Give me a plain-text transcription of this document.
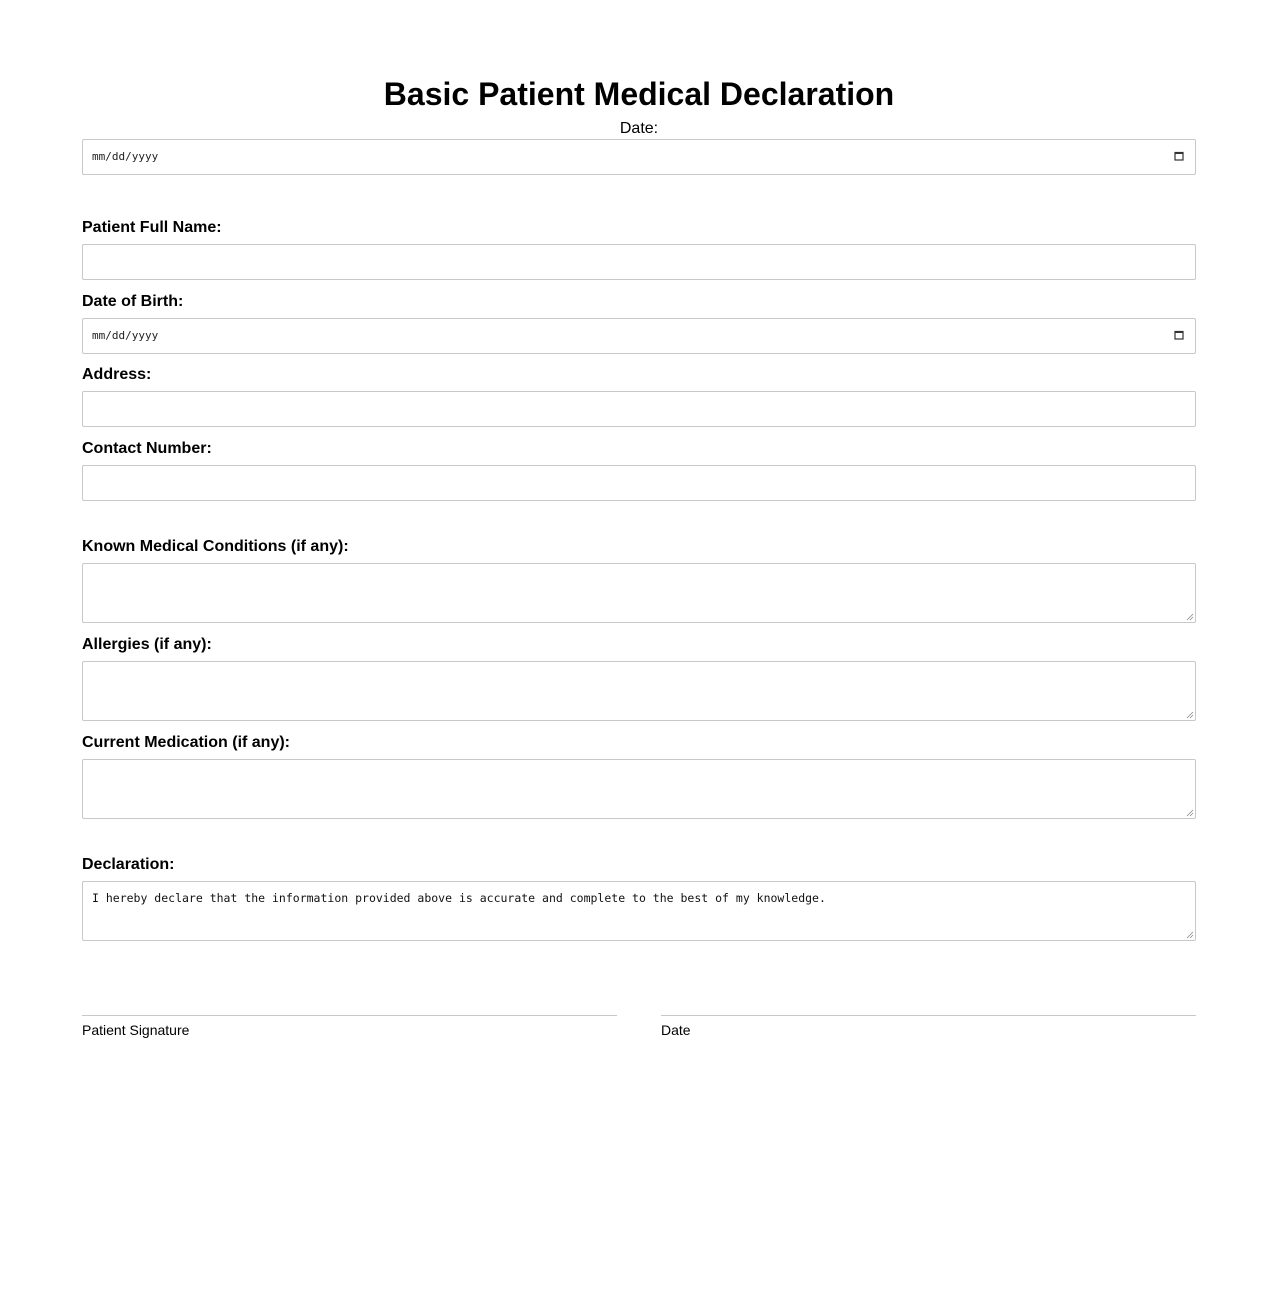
Basic Patient Medical Declaration
Date:
mm/dd/yyyy
Patient Full Name:
Date of Birth:
mm/dd/yyyy
Address:
Contact Number:
Known Medical Conditions (if any):
Allergies (if any):
Current Medication (if any):
Declaration:
I hereby declare that the information provided above is accurate and complete to the best of my knowledge.
Patient Signature	Date
